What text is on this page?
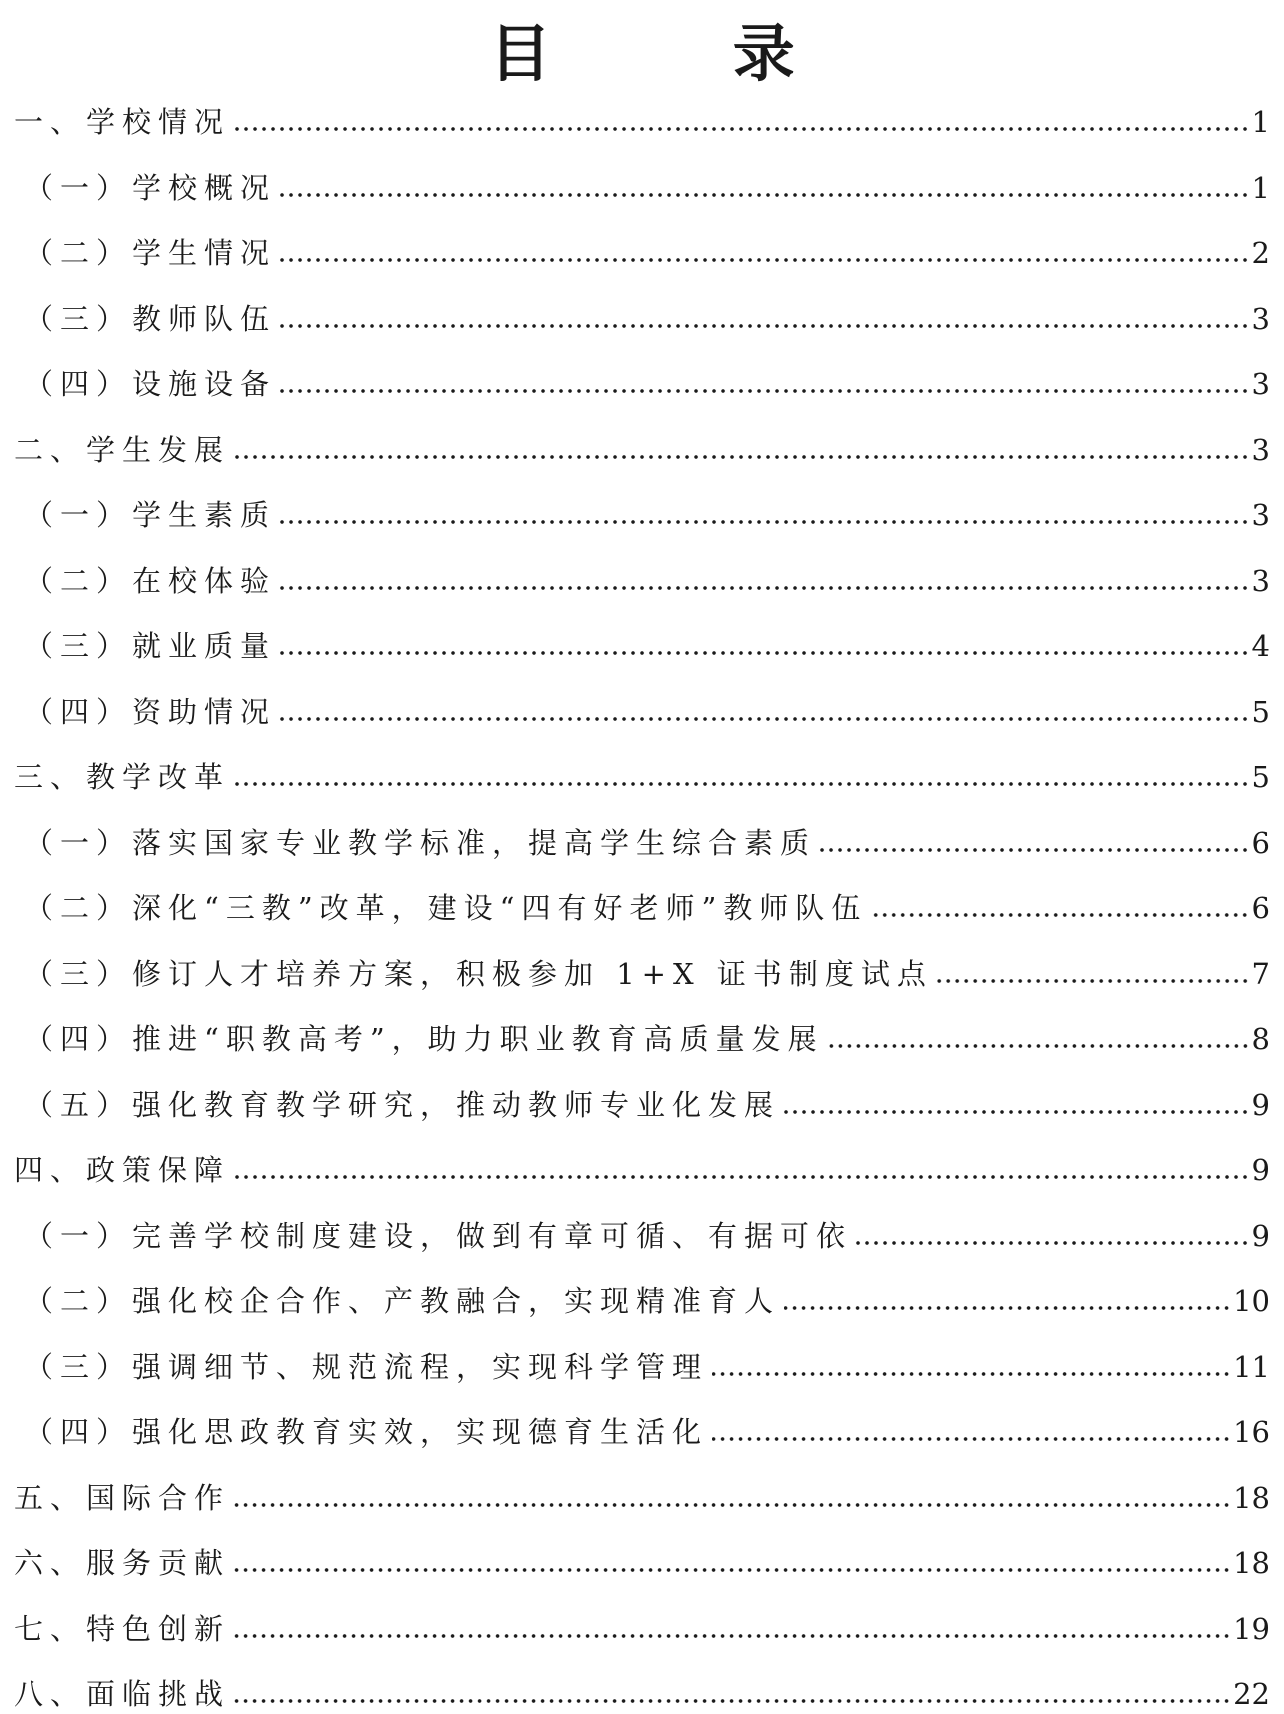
目 录
一、学校情况	1
（一）学校概况	1
（二）学生情况	2
（三）教师队伍	3
（四）设施设备	3
二、学生发展	3
（一）学生素质	3
（二）在校体验	3
（三）就业质量	4
（四）资助情况	5
三、教学改革	5
（一）落实国家专业教学标准，提高学生综合素质	6
（二）深化“三教”改革，建设“四有好老师”教师队伍	6
（三）修订人才培养方案，积极参加 1+X 证书制度试点	7
（四）推进“职教高考”，助力职业教育高质量发展	8
（五）强化教育教学研究，推动教师专业化发展	9
四、政策保障	9
（一）完善学校制度建设，做到有章可循、有据可依	9
（二）强化校企合作、产教融合，实现精准育人	10
（三）强调细节、规范流程，实现科学管理	11
（四）强化思政教育实效，实现德育生活化	16
五、国际合作	18
六、服务贡献	18
七、特色创新	19
八、面临挑战	22
